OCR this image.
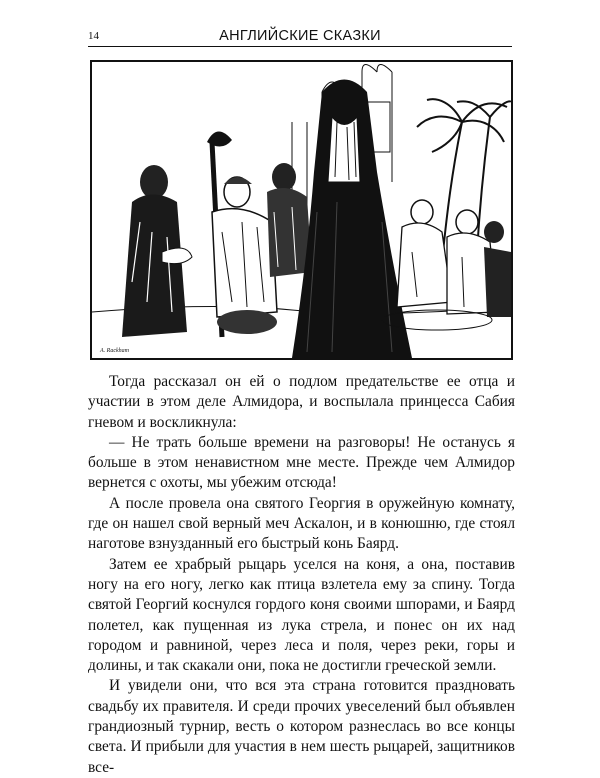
14	АНГЛИЙСКИЕ СКАЗКИ
A. Rackham

Тогда рассказал он ей о подлом предательстве ее отца и участии в этом деле Алмидора, и воспылала принцесса Сабия гневом и воскликнула:

— Не трать больше времени на разговоры! Не останусь я больше в этом ненавистном мне месте. Прежде чем Алмидор вернется с охоты, мы убежим отсюда!

А после провела она святого Георгия в оружейную комнату, где он нашел свой верный меч Аскалон, и в конюшню, где стоял наготове взнузданный его быстрый конь Баярд.

Затем ее храбрый рыцарь уселся на коня, а она, поставив ногу на его ногу, легко как птица взлетела ему за спину. Тогда святой Георгий коснулся гордого коня своими шпорами, и Баярд полетел, как пущенная из лука стрела, и понес он их над городом и равниной, через леса и поля, через реки, горы и долины, и так скакали они, пока не достигли греческой земли.

И увидели они, что вся эта страна готовится праздновать свадьбу их правителя. И среди прочих увеселений был объявлен грандиозный турнир, весть о котором разнеслась во все концы света. И прибыли для участия в нем шесть рыцарей, защитников все-
